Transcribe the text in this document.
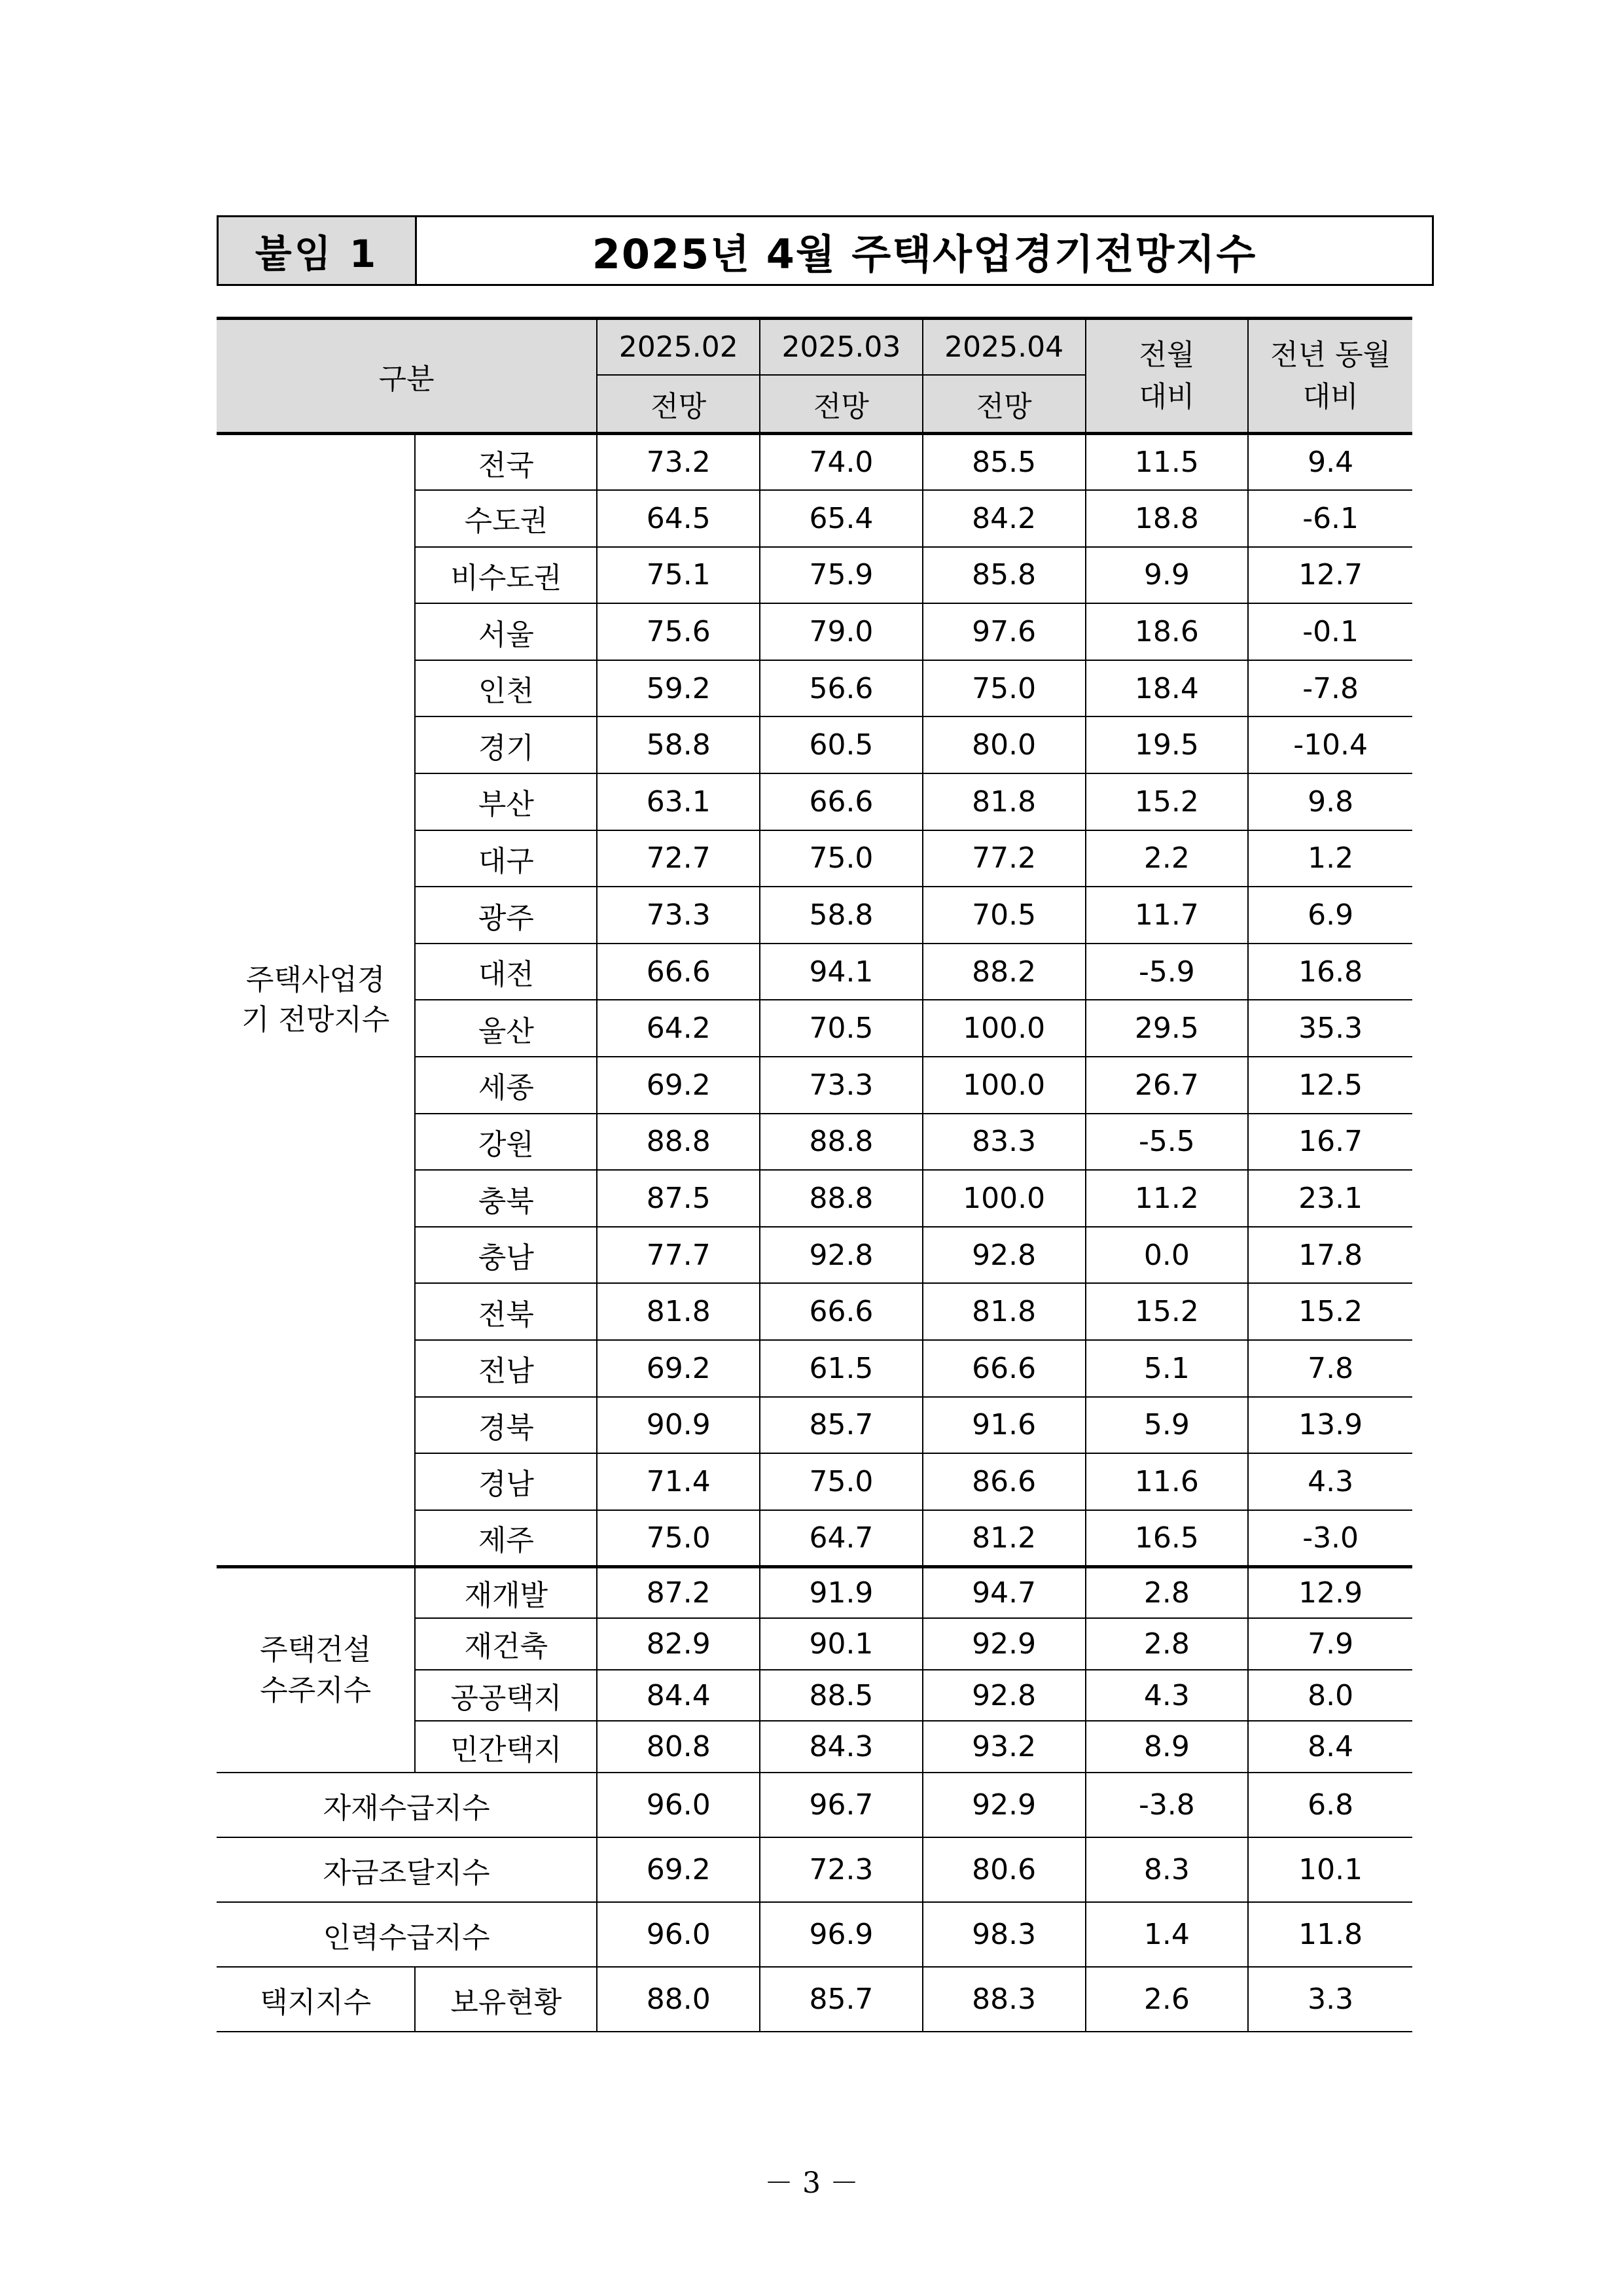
붙임 1	2025년 4월 주택사업경기전망지수
구분		2025.02	2025.03	2025.04	전월 대비	전년 동월 대비
		전망	전망	전망		
주택사업경기 전망지수	전국	73.2	74.0	85.5	11.5	9.4
	수도권	64.5	65.4	84.2	18.8	-6.1
	비수도권	75.1	75.9	85.8	9.9	12.7
	서울	75.6	79.0	97.6	18.6	-0.1
	인천	59.2	56.6	75.0	18.4	-7.8
	경기	58.8	60.5	80.0	19.5	-10.4
	부산	63.1	66.6	81.8	15.2	9.8
	대구	72.7	75.0	77.2	2.2	1.2
	광주	73.3	58.8	70.5	11.7	6.9
	대전	66.6	94.1	88.2	-5.9	16.8
	울산	64.2	70.5	100.0	29.5	35.3
	세종	69.2	73.3	100.0	26.7	12.5
	강원	88.8	88.8	83.3	-5.5	16.7
	충북	87.5	88.8	100.0	11.2	23.1
	충남	77.7	92.8	92.8	0.0	17.8
	전북	81.8	66.6	81.8	15.2	15.2
	전남	69.2	61.5	66.6	5.1	7.8
	경북	90.9	85.7	91.6	5.9	13.9
	경남	71.4	75.0	86.6	11.6	4.3
	제주	75.0	64.7	81.2	16.5	-3.0
주택건설 수주지수	재개발	87.2	91.9	94.7	2.8	12.9
	재건축	82.9	90.1	92.9	2.8	7.9
	공공택지	84.4	88.5	92.8	4.3	8.0
	민간택지	80.8	84.3	93.2	8.9	8.4
자재수급지수		96.0	96.7	92.9	-3.8	6.8
자금조달지수		69.2	72.3	80.6	8.3	10.1
인력수급지수		96.0	96.9	98.3	1.4	11.8
택지지수	보유현황	88.0	85.7	88.3	2.6	3.3
－ 3 －
